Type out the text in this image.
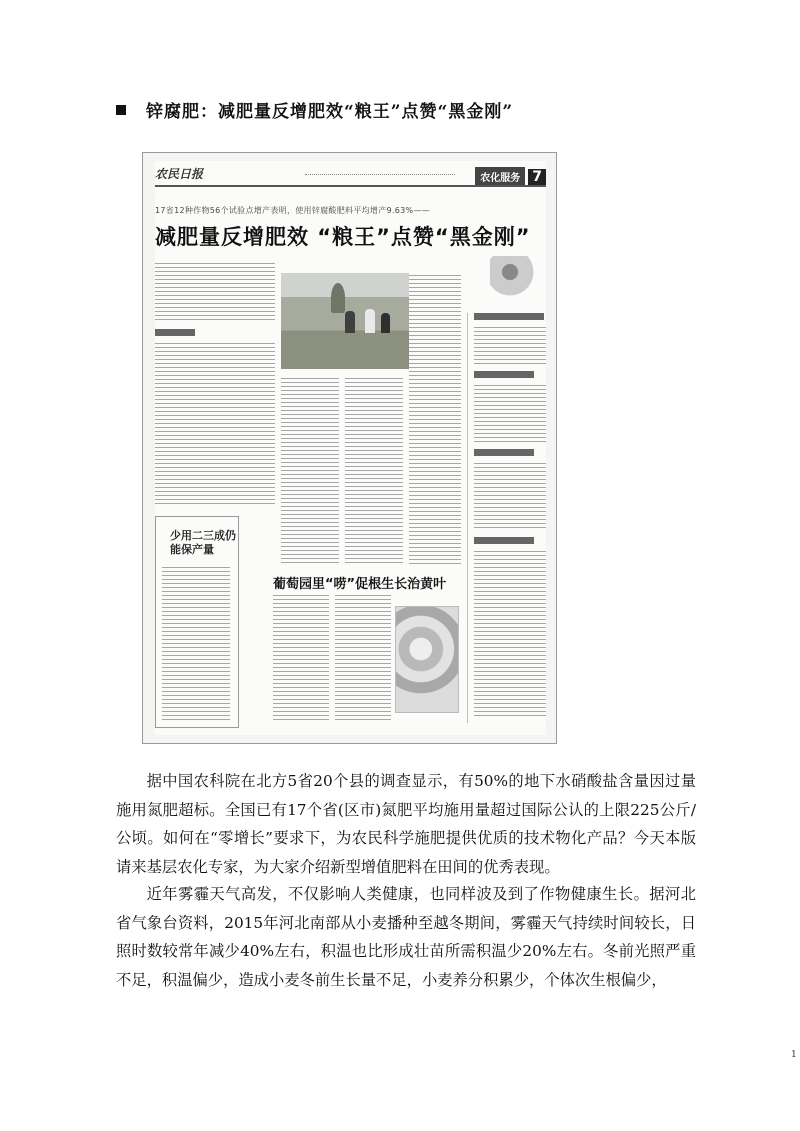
锌腐肥：减肥量反增肥效“粮王”点赞“黑金刚”
农民日报	农化服务 7
17省12种作物56个试验点增产表明，使用锌腐酸肥料平均增产9.63%——
减肥量反增肥效 “粮王”点赞“黑金刚”
少用二三成仍能保产量
葡萄园里“唠”促根生长治黄叶

据中国农科院在北方5省20个县的调查显示，有50%的地下水硝酸盐含量因过量施用氮肥超标。全国已有17个省(区市)氮肥平均施用量超过国际公认的上限225公斤/公顷。如何在“零增长”要求下，为农民科学施肥提供优质的技术物化产品？今天本版请来基层农化专家，为大家介绍新型增值肥料在田间的优秀表现。

近年雾霾天气高发，不仅影响人类健康，也同样波及到了作物健康生长。据河北省气象台资料，2015年河北南部从小麦播种至越冬期间，雾霾天气持续时间较长，日照时数较常年减少40%左右，积温也比形成壮苗所需积温少20%左右。冬前光照严重不足，积温偏少，造成小麦冬前生长量不足，小麦养分积累少，个体次生根偏少，

1
